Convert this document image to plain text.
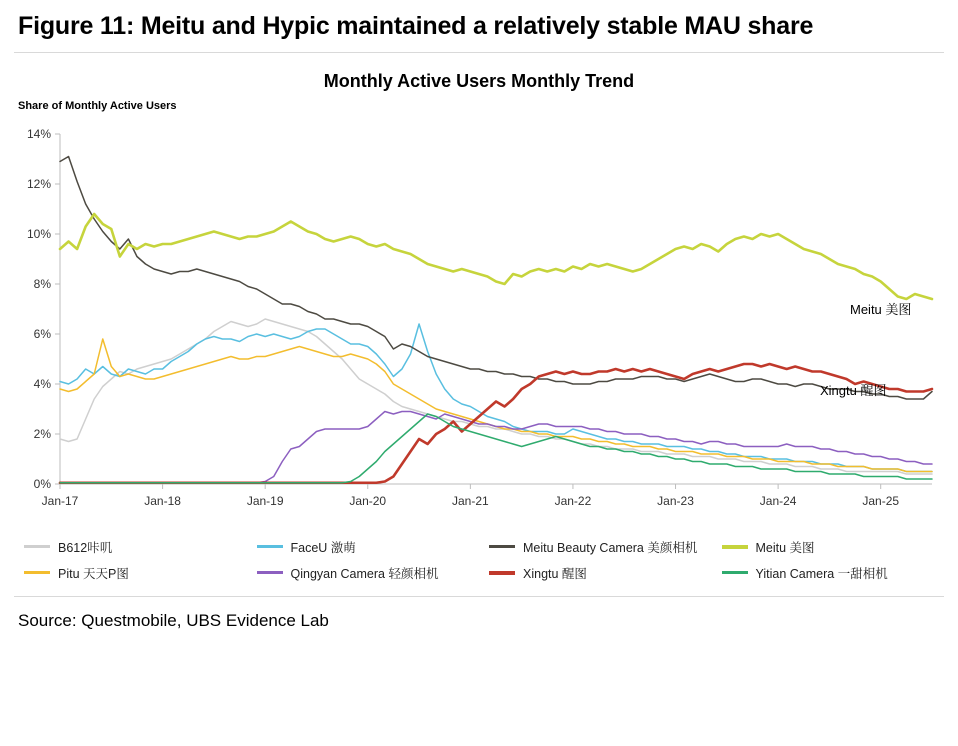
Figure 11: Meitu and Hypic maintained a relatively stable MAU share
Monthly Active Users Monthly Trend
Share of Monthly Active Users
0%
2%
4%
6%
8%
10%
12%
14%
Jan-17	Jan-18	Jan-19	Jan-20	Jan-21	Jan-22	Jan-23	Jan-24	Jan-25
Meitu 美图
Xingtu 醒图
B612咔叽	FaceU 激萌	Meitu Beauty Camera 美颜相机	Meitu 美图
Pitu 天天P图	Qingyan Camera 轻颜相机	Xingtu 醒图	Yitian Camera 一甜相机
Source: Questmobile, UBS Evidence Lab
